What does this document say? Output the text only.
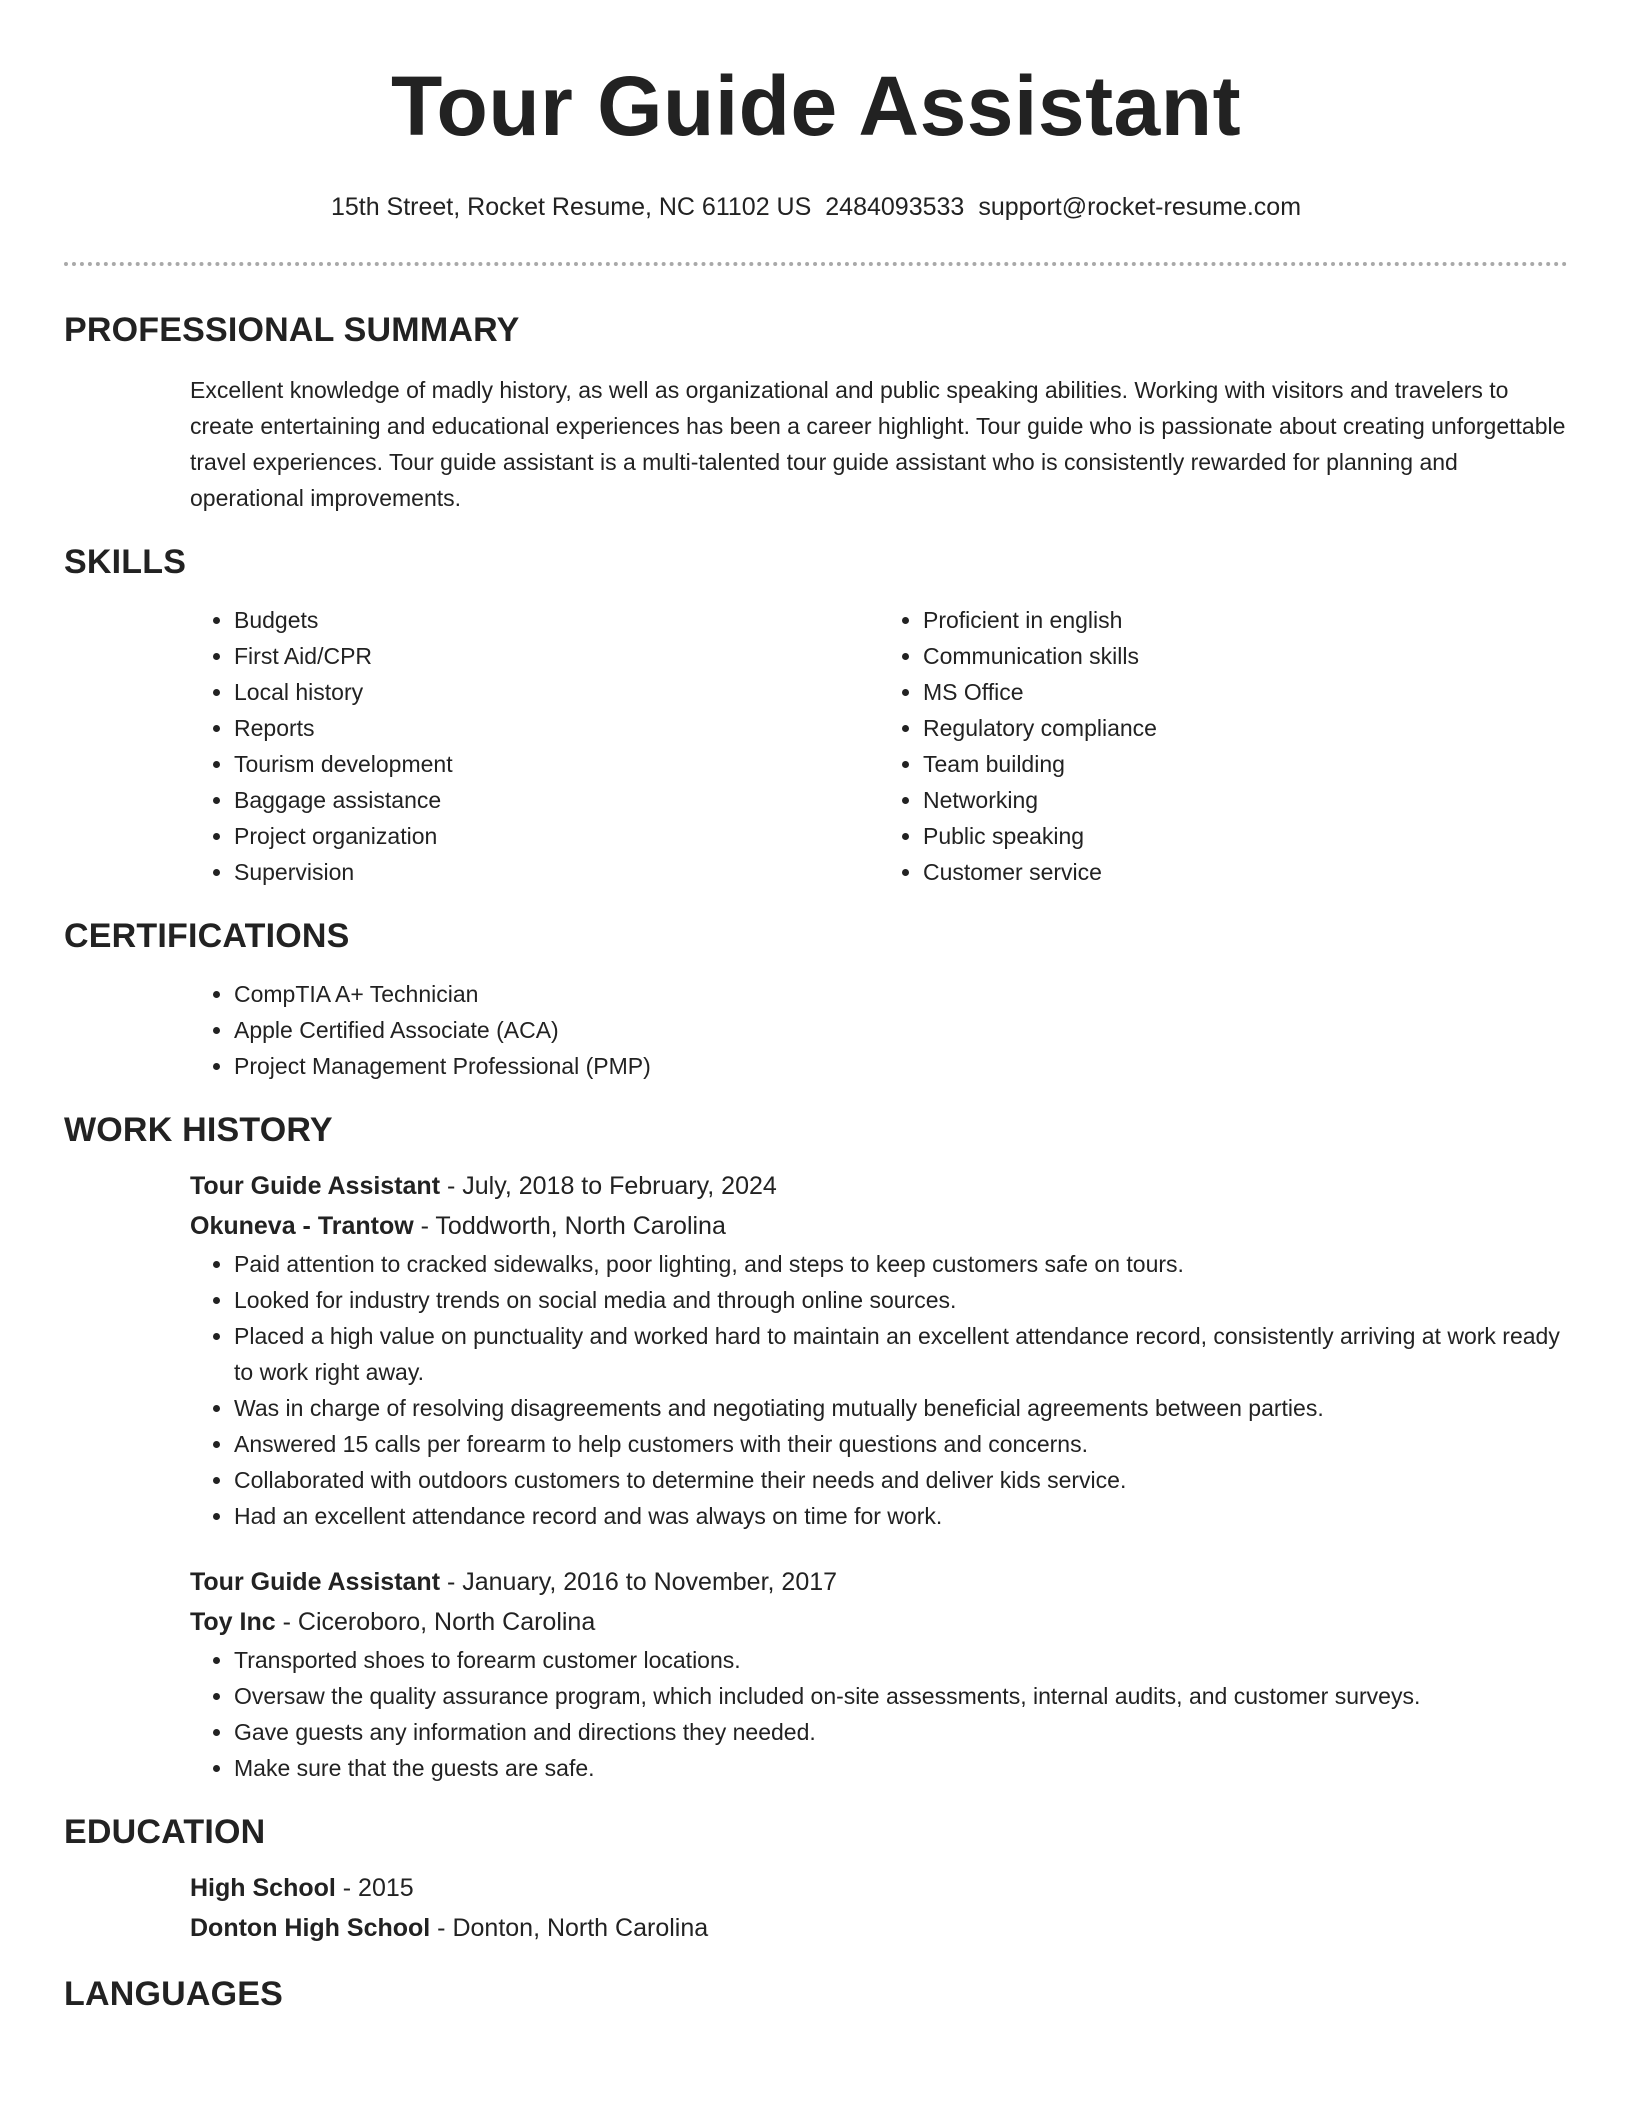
Tour Guide Assistant
15th Street, Rocket Resume, NC 61102 US 2484093533 support@rocket-resume.com
PROFESSIONAL SUMMARY

Excellent knowledge of madly history, as well as organizational and public speaking abilities. Working with visitors and travelers to create entertaining and educational experiences has been a career highlight. Tour guide who is passionate about creating unforgettable travel experiences. Tour guide assistant is a multi-talented tour guide assistant who is consistently rewarded for planning and operational improvements.

SKILLS
• Budgets
• First Aid/CPR
• Local history
• Reports
• Tourism development
• Baggage assistance
• Project organization
• Supervision
• Proficient in english
• Communication skills
• MS Office
• Regulatory compliance
• Team building
• Networking
• Public speaking
• Customer service
CERTIFICATIONS
• CompTIA A+ Technician
• Apple Certified Associate (ACA)
• Project Management Professional (PMP)
WORK HISTORY
Tour Guide Assistant - July, 2018 to February, 2024
Okuneva - Trantow - Toddworth, North Carolina
• Paid attention to cracked sidewalks, poor lighting, and steps to keep customers safe on tours.
• Looked for industry trends on social media and through online sources.
• Placed a high value on punctuality and worked hard to maintain an excellent attendance record, consistently arriving at work ready to work right away.
• Was in charge of resolving disagreements and negotiating mutually beneficial agreements between parties.
• Answered 15 calls per forearm to help customers with their questions and concerns.
• Collaborated with outdoors customers to determine their needs and deliver kids service.
• Had an excellent attendance record and was always on time for work.
Tour Guide Assistant - January, 2016 to November, 2017
Toy Inc - Ciceroboro, North Carolina
• Transported shoes to forearm customer locations.
• Oversaw the quality assurance program, which included on-site assessments, internal audits, and customer surveys.
• Gave guests any information and directions they needed.
• Make sure that the guests are safe.
EDUCATION
High School - 2015
Donton High School - Donton, North Carolina
LANGUAGES
